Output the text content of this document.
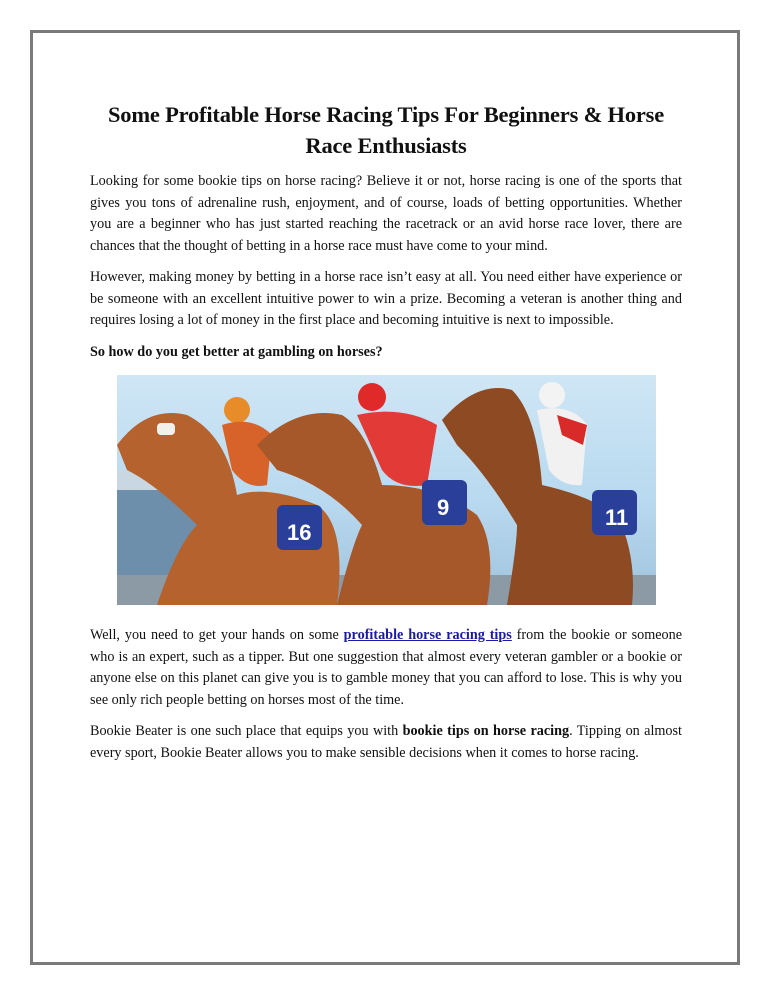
Some Profitable Horse Racing Tips For Beginners & Horse Race Enthusiasts

Looking for some bookie tips on horse racing? Believe it or not, horse racing is one of the sports that gives you tons of adrenaline rush, enjoyment, and of course, loads of betting opportunities. Whether you are a beginner who has just started reaching the racetrack or an avid horse race lover, there are chances that the thought of betting in a horse race must have come to your mind.

However, making money by betting in a horse race isn’t easy at all. You need either have experience or be someone with an excellent intuitive power to win a prize. Becoming a veteran is another thing and requires losing a lot of money in the first place and becoming intuitive is next to impossible.

So how do you get better at gambling on horses?

16
9	11

Well, you need to get your hands on some profitable horse racing tips from the bookie or someone who is an expert, such as a tipper. But one suggestion that almost every veteran gambler or a bookie or anyone else on this planet can give you is to gamble money that you can afford to lose. This is why you see only rich people betting on horses most of the time.

Bookie Beater is one such place that equips you with bookie tips on horse racing. Tipping on almost every sport, Bookie Beater allows you to make sensible decisions when it comes to horse racing.
